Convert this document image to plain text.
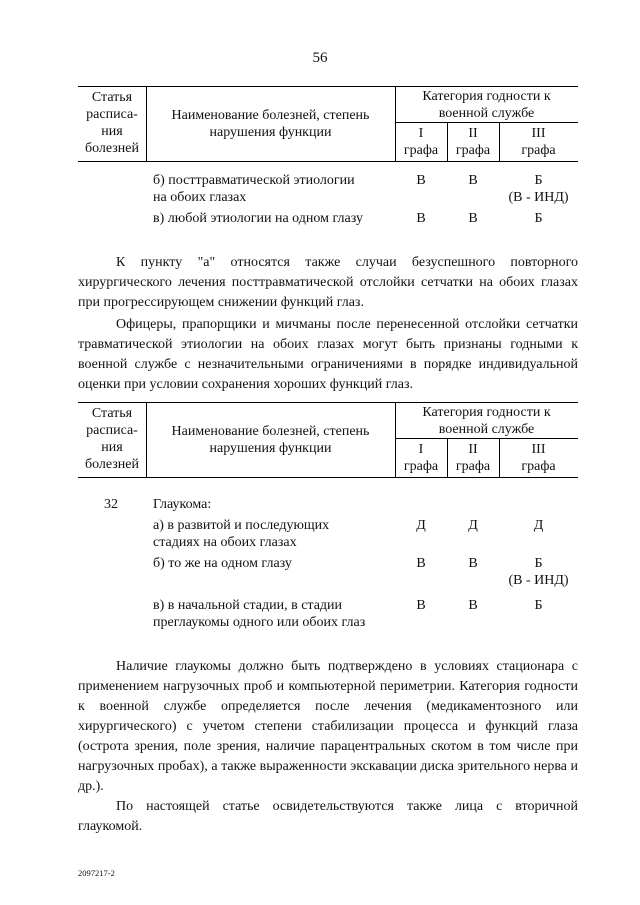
56
Статья
расписа-
ния
болезней
Наименование болезней, степень
нарушения функции
Категория годности к
военной службе
I
графа
II
графа
III
графа
б) посттравматической этиологии
на обоих глазах
В	В	Б
(В - ИНД)
в) любой этиологии на одном глазу	В	В	Б

К пункту "а" относятся также случаи безуспешного повторного хирургического лечения посттравматической отслойки сетчатки на обоих глазах при прогрессирующем снижении функций глаз.

Офицеры, прапорщики и мичманы после перенесенной отслойки сетчатки травматической этиологии на обоих глазах могут быть признаны годными к военной службе с незначительными ограничениями в порядке индивидуальной оценки при условии сохранения хороших функций глаз.

Статья
расписа-
ния
болезней
Наименование болезней, степень
нарушения функции
Категория годности к
военной службе
I
графа
II
графа
III
графа
32	Глаукома:
а) в развитой и последующих
стадиях на обоих глазах
Д	Д	Д
б) то же на одном глазу	В	В	Б
(В - ИНД)
в) в начальной стадии, в стадии
преглаукомы одного или обоих глаз
В	В	Б

Наличие глаукомы должно быть подтверждено в условиях стационара с применением нагрузочных проб и компьютерной периметрии. Категория годности к военной службе определяется после лечения (медикаментозного или хирургического) с учетом степени стабилизации процесса и функций глаза (острота зрения, поле зрения, наличие парацентральных скотом в том числе при нагрузочных пробах), а также выраженности экскавации диска зрительного нерва и др.).

По настоящей статье освидетельствуются также лица с вторичной глаукомой.

2097217-2
